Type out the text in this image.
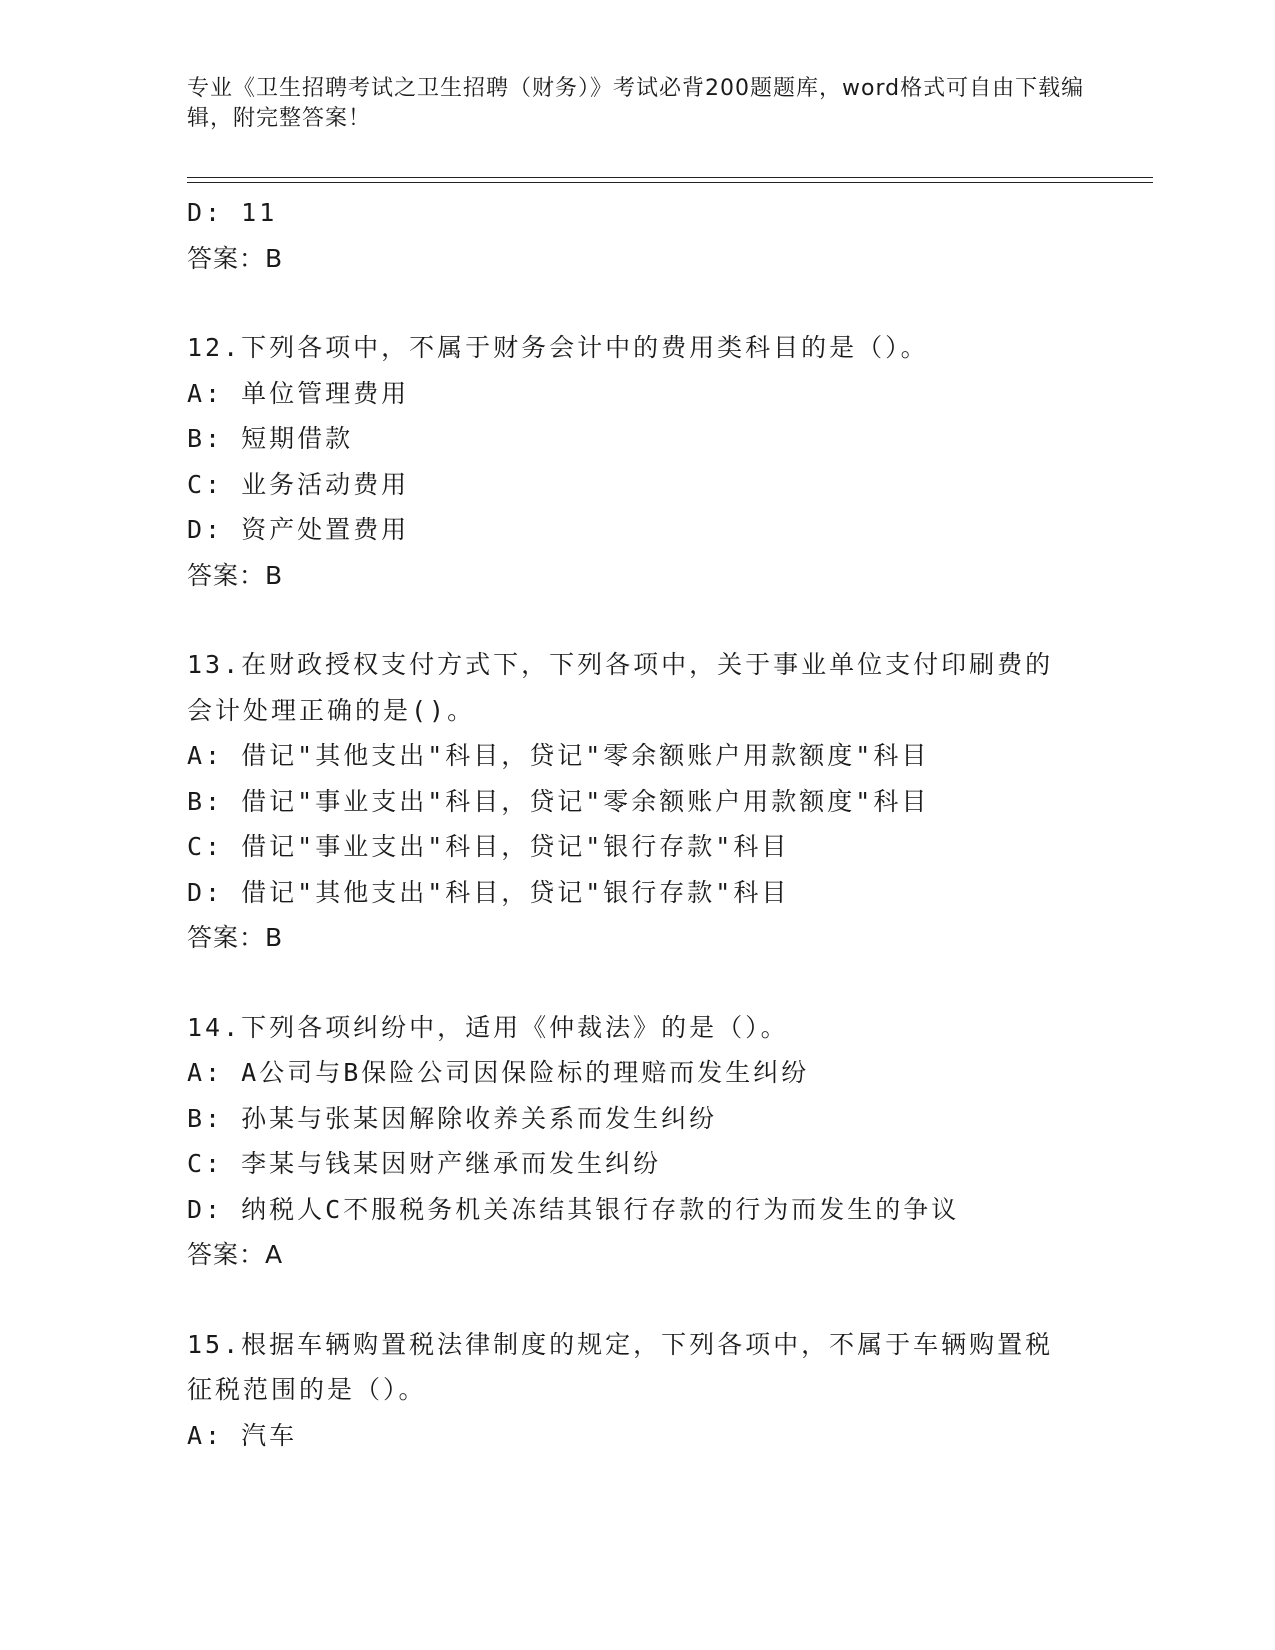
专业《卫生招聘考试之卫生招聘（财务）》考试必背200题题库，word格式可自由下载编辑，附完整答案！
D: 11
答案：B
12.下列各项中，不属于财务会计中的费用类科目的是（）。
A: 单位管理费用
B: 短期借款
C: 业务活动费用
D: 资产处置费用
答案：B
13.在财政授权支付方式下，下列各项中，关于事业单位支付印刷费的
会计处理正确的是()。
A: 借记"其他支出"科目，贷记"零余额账户用款额度"科目
B: 借记"事业支出"科目，贷记"零余额账户用款额度"科目
C: 借记"事业支出"科目，贷记"银行存款"科目
D: 借记"其他支出"科目，贷记"银行存款"科目
答案：B
14.下列各项纠纷中，适用《仲裁法》的是（）。
A: A公司与B保险公司因保险标的理赔而发生纠纷
B: 孙某与张某因解除收养关系而发生纠纷
C: 李某与钱某因财产继承而发生纠纷
D: 纳税人C不服税务机关冻结其银行存款的行为而发生的争议
答案：A
15.根据车辆购置税法律制度的规定，下列各项中，不属于车辆购置税
征税范围的是（）。
A: 汽车
